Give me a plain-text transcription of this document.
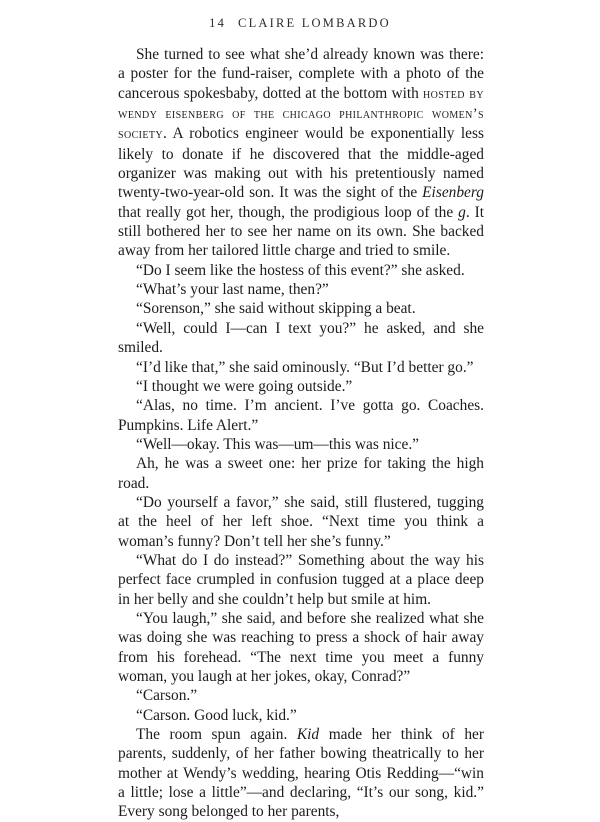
14 CLAIRE LOMBARDO

She turned to see what she’d already known was there: a poster for the fund-raiser, complete with a photo of the cancerous spokesbaby, dotted at the bottom with hosted by wendy eisenberg of the chicago philanthropic women’s society. A robotics engineer would be exponentially less likely to donate if he discovered that the middle-aged organizer was making out with his pretentiously named twenty-two-year-old son. It was the sight of the Eisenberg that really got her, though, the prodigious loop of the g. It still bothered her to see her name on its own. She backed away from her tailored little charge and tried to smile.

“Do I seem like the hostess of this event?” she asked.

“What’s your last name, then?”

“Sorenson,” she said without skipping a beat.

“Well, could I—can I text you?” he asked, and she smiled.

“I’d like that,” she said ominously. “But I’d better go.”

“I thought we were going outside.”

“Alas, no time. I’m ancient. I’ve gotta go. Coaches. Pumpkins. Life Alert.”

“Well—okay. This was—um—this was nice.”

Ah, he was a sweet one: her prize for taking the high road.

“Do yourself a favor,” she said, still flustered, tugging at the heel of her left shoe. “Next time you think a woman’s funny? Don’t tell her she’s funny.”

“What do I do instead?” Something about the way his perfect face crumpled in confusion tugged at a place deep in her belly and she couldn’t help but smile at him.

“You laugh,” she said, and before she realized what she was doing she was reaching to press a shock of hair away from his forehead. “The next time you meet a funny woman, you laugh at her jokes, okay, Conrad?”

“Carson.”

“Carson. Good luck, kid.”

The room spun again. Kid made her think of her parents, suddenly, of her father bowing theatrically to her mother at Wendy’s wedding, hearing Otis Redding—“win a little; lose a little”—and declaring, “It’s our song, kid.” Every song belonged to her parents,
